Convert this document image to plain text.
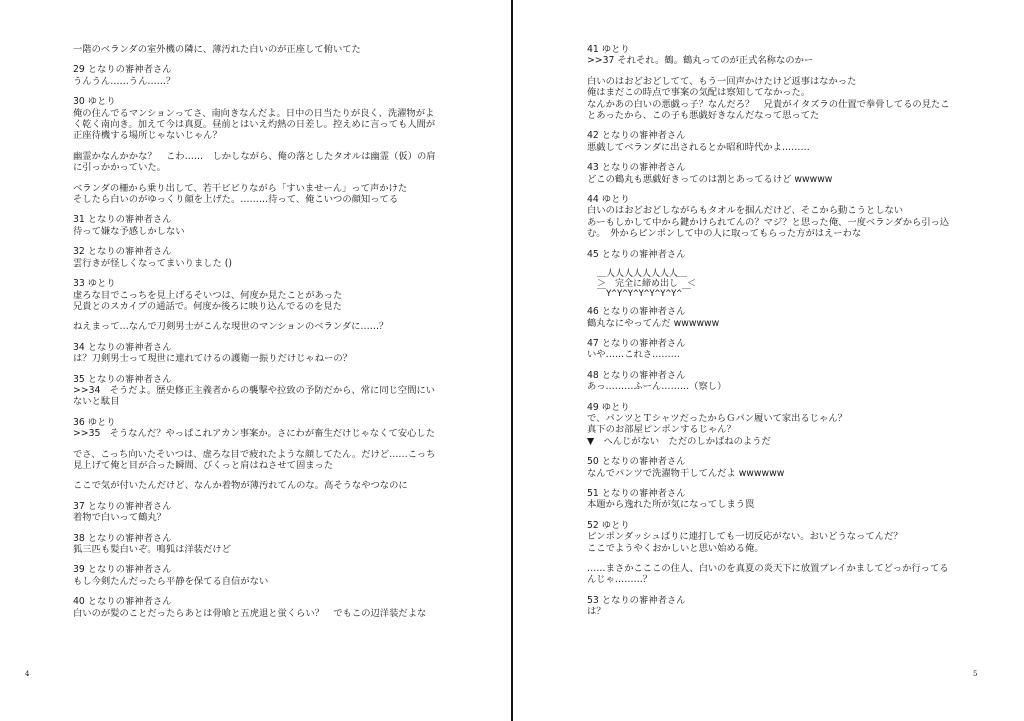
一階のベランダの室外機の隣に、薄汚れた白いのが正座して俯いてた
29 となりの審神者さん
うんうん……うん……？
30 ゆとり
俺の住んでるマンションってさ、南向きなんだよ。日中の日当たりが良く、洗濯物がよく乾く南向き。加えて今は真夏。昼前とはいえ灼熱の日差し。控えめに言っても人間が正座待機する場所じゃないじゃん？
幽霊かなんかかな？　こわ……　しかしながら、俺の落としたタオルは幽霊（仮）の肩に引っかかっていた。
ベランダの柵から乗り出して、若干ビビりながら「すいませーん」って声かけた
そしたら白いのがゆっくり顔を上げた。………待って、俺こいつの顔知ってる
31 となりの審神者さん
待って嫌な予感しかしない
32 となりの審神者さん
雲行きが怪しくなってまいりました ()
33 ゆとり
虚ろな目でこっちを見上げるそいつは、何度か見たことがあった
兄貴とのスカイプの通話で。何度か後ろに映り込んでるのを見た
ねえまって…なんで刀剣男士がこんな現世のマンションのベランダに……？
34 となりの審神者さん
は？刀剣男士って現世に連れてけるの護衛一振りだけじゃねーの？
35 となりの審神者さん
>>34　そうだよ。歴史修正主義者からの襲撃や拉致の予防だから、常に同じ空間にいないと駄目
36 ゆとり
>>35　そうなんだ？やっぱこれアカン事案か。さにわが畜生だけじゃなくて安心した
でさ、こっち向いたそいつは、虚ろな目で疲れたような顔してたん。だけど……こっち見上げて俺と目が合った瞬間、びくっと肩はねさせて固まった
ここで気が付いたんだけど、なんか着物が薄汚れてんのな。高そうなやつなのに
37 となりの審神者さん
着物で白いって鶴丸？
38 となりの審神者さん
狐三匹も髪白いぞ。鳴狐は洋装だけど
39 となりの審神者さん
もし今剣たんだったら平静を保てる自信がない
40 となりの審神者さん
白いのが髪のことだったらあとは骨喰と五虎退と蛍くらい？　でもこの辺洋装だよな
4
41 ゆとり
>>37 それそれ。鶴。鶴丸ってのが正式名称なのかー
白いのはおどおどしてて、もう一回声かけたけど返事はなかった
俺はまだこの時点で事案の気配は察知してなかった。
なんかあの白いの悪戯っ子？なんだろ？　兄貴がイタズラの仕置で拳骨してるの見たことあったから、この子も悪戯好きなんだなって思ってた
42 となりの審神者さん
悪戯してベランダに出されるとか昭和時代かよ………
43 となりの審神者さん
どこの鶴丸も悪戯好きってのは割とあってるけど wwwww
44 ゆとり
白いのはおどおどしながらもタオルを掴んだけど、そこから動こうとしない
あーもしかして中から鍵かけられてんの？マジ？と思った俺、一度ベランダから引っ込む。　外からピンポンして中の人に取ってもらった方がはえーわな
45 となりの審神者さん
＿人人人人人人人人＿
＞　完全に締め出し　＜
￣Y^Y^Y^Y^Y^Y^Y^￣
46 となりの審神者さん
鶴丸なにやってんだ wwwwww
47 となりの審神者さん
いや……これさ………
48 となりの審神者さん
あっ………ふーん………（察し）
49 ゆとり
で、パンツとＴシャツだったからＧパン履いて家出るじゃん？
真下のお部屋ピンポンするじゃん？
▼　へんじがない　ただのしかばねのようだ
50 となりの審神者さん
なんでパンツで洗濯物干してんだよ wwwwww
51 となりの審神者さん
本題から逸れた所が気になってしまう罠
52 ゆとり
ピンポンダッシュばりに連打しても一切反応がない。おいどうなってんだ？
ここでようやくおかしいと思い始める俺。
……まさかこここの住人、白いのを真夏の炎天下に放置プレイかましてどっか行ってるんじゃ………？
53 となりの審神者さん
は？
5
